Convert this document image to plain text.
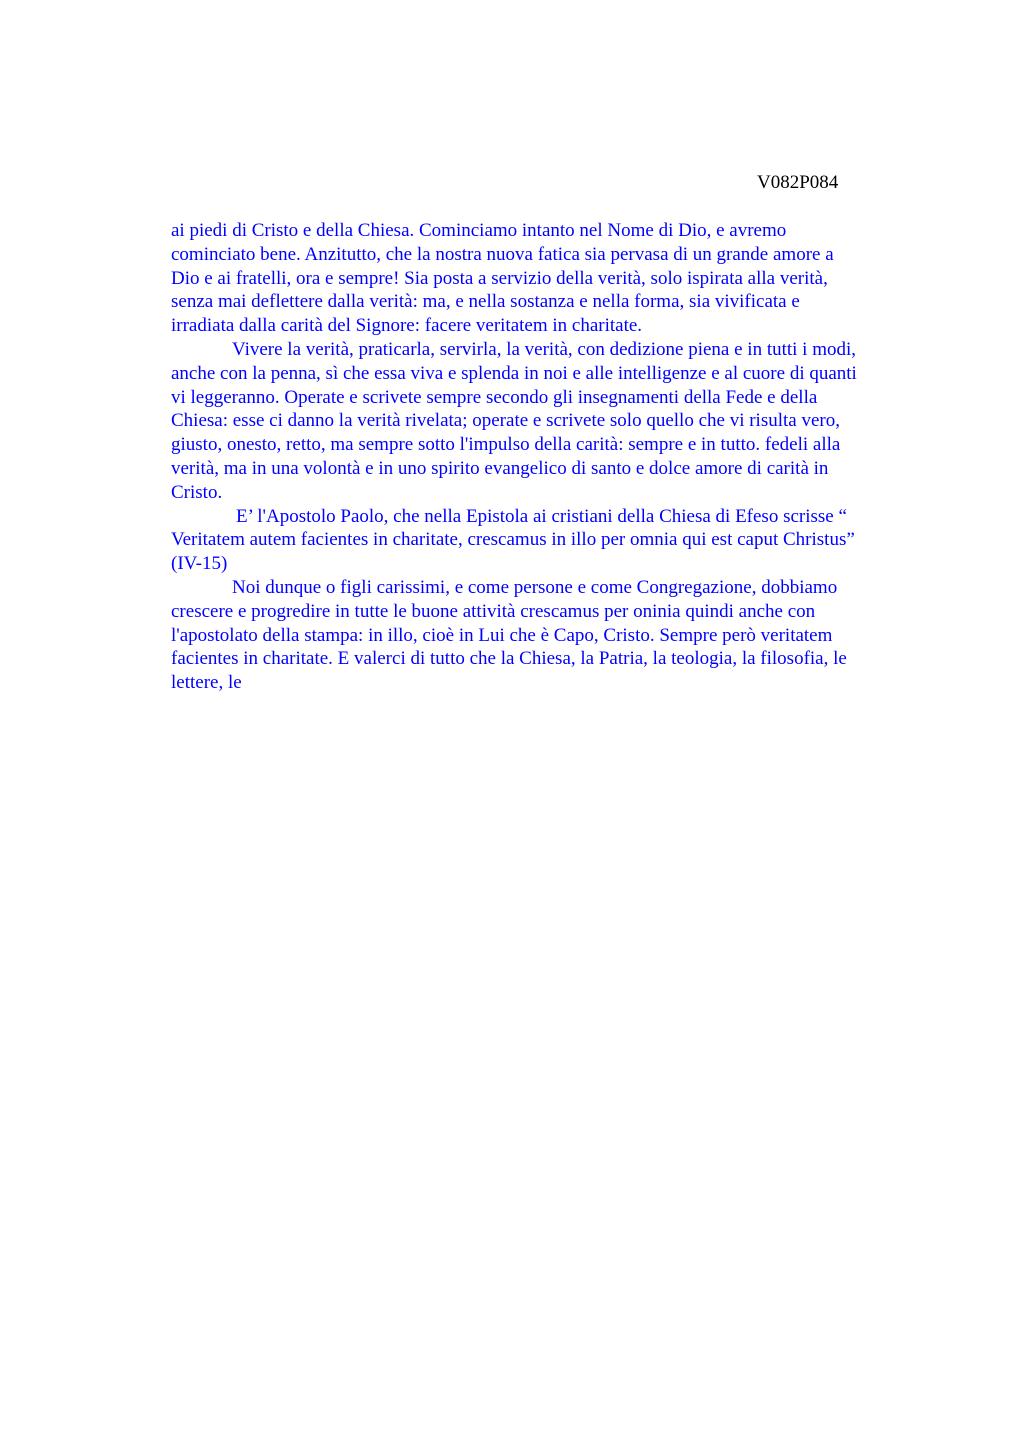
V082P084
ai piedi di Cristo e della Chiesa. Cominciamo intanto nel Nome di Dio, e avremo
cominciato bene. Anzitutto, che la nostra nuova fatica sia pervasa di un grande amore a
Dio e ai fratelli, ora e sempre! Sia posta a servizio della verità, solo ispirata alla verità,
senza mai deflettere dalla verità: ma, e nella sostanza e nella forma, sia vivificata e
irradiata dalla carità del Signore: facere veritatem in charitate.
Vivere la verità, praticarla, servirla, la verità, con dedizione piena e in tutti i modi,
anche con la penna, sì che essa viva e splenda in noi e alle intelligenze e al cuore di quanti
vi leggeranno. Operate e scrivete sempre secondo gli insegnamenti della Fede e della
Chiesa: esse ci danno la verità rivelata; operate e scrivete solo quello che vi risulta vero,
giusto, onesto, retto, ma sempre sotto l'impulso della carità: sempre e in tutto. fedeli alla
verità, ma in una volontà e in uno spirito evangelico di santo e dolce amore di carità in
Cristo.
E’ l'Apostolo Paolo, che nella Epistola ai cristiani della Chiesa di Efeso scrisse “
Veritatem autem facientes in charitate, crescamus in illo per omnia qui est caput Christus”
(IV-15)
Noi dunque o figli carissimi, e come persone e come Congregazione, dobbiamo
crescere e progredire in tutte le buone attività crescamus per oninia quindi anche con
l'apostolato della stampa: in illo, cioè in Lui che è Capo, Cristo. Sempre però veritatem
facientes in charitate. E valerci di tutto che la Chiesa, la Patria, la teologia, la filosofia, le
lettere, le
